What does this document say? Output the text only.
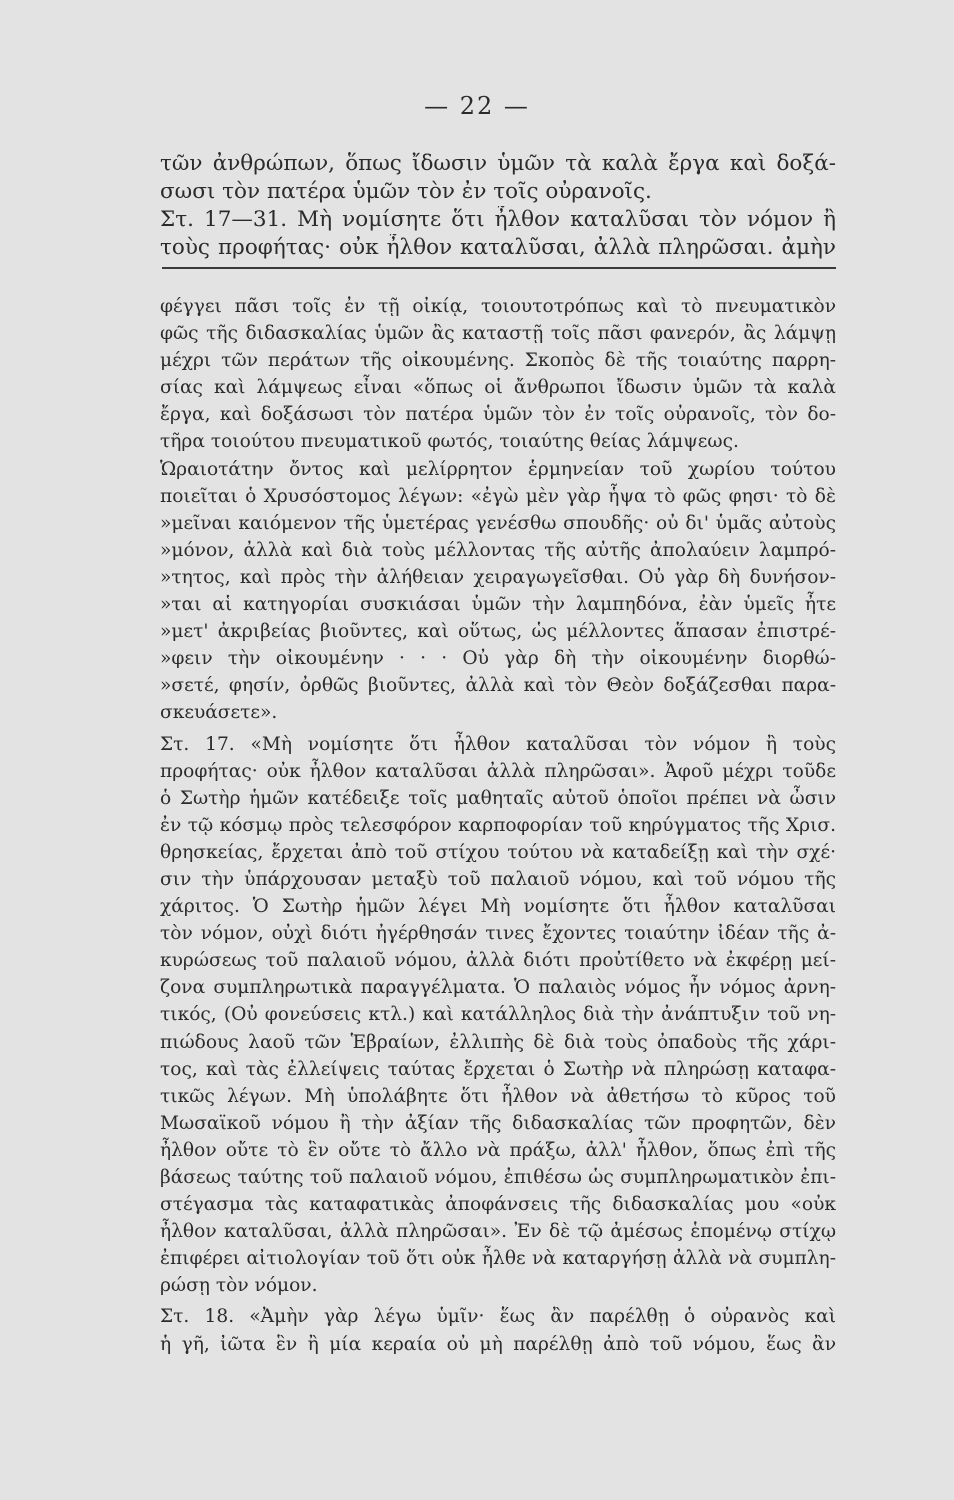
— 22 —
τῶν ἀνθρώπων, ὅπως ἴδωσιν ὑμῶν τὰ καλὰ ἔργα καὶ δοξά-
σωσι τὸν πατέρα ὑμῶν τὸν ἐν τοῖς οὐρανοῖς.
Στ. 17—31. Μὴ νομίσητε ὅτι ἦλθον καταλῦσαι τὸν νόμον ἢ
τοὺς προφήτας· οὐκ ἦλθον καταλῦσαι, ἀλλὰ πληρῶσαι. ἀμὴν
φέγγει πᾶσι τοῖς ἐν τῇ οἰκίᾳ, τοιουτοτρόπως καὶ τὸ πνευματικὸν
φῶς τῆς διδασκαλίας ὑμῶν ἂς καταστῇ τοῖς πᾶσι φανερόν, ἂς λάμψῃ
μέχρι τῶν περάτων τῆς οἰκουμένης. Σκοπὸς δὲ τῆς τοιαύτης παρρη-
σίας καὶ λάμψεως εἶναι «ὅπως οἱ ἄνθρωποι ἴδωσιν ὑμῶν τὰ καλὰ
ἔργα, καὶ δοξάσωσι τὸν πατέρα ὑμῶν τὸν ἐν τοῖς οὐρανοῖς, τὸν δο-
τῆρα τοιούτου πνευματικοῦ φωτός, τοιαύτης θείας λάμψεως.
Ὡραιοτάτην ὄντος καὶ μελίρρητον ἑρμηνείαν τοῦ χωρίου τούτου
ποιεῖται ὁ Χρυσόστομος λέγων: «ἐγὼ μὲν γὰρ ἧψα τὸ φῶς φησι· τὸ δὲ
»μεῖναι καιόμενον τῆς ὑμετέρας γενέσθω σπουδῆς· οὐ δι' ὑμᾶς αὐτοὺς
»μόνον, ἀλλὰ καὶ διὰ τοὺς μέλλοντας τῆς αὐτῆς ἀπολαύειν λαμπρό-
»τητος, καὶ πρὸς τὴν ἀλήθειαν χειραγωγεῖσθαι. Οὐ γὰρ δὴ δυνήσον-
»ται αἱ κατηγορίαι συσκιάσαι ὑμῶν τὴν λαμπηδόνα, ἐὰν ὑμεῖς ἦτε
»μετ' ἀκριβείας βιοῦντες, καὶ οὕτως, ὡς μέλλοντες ἅπασαν ἐπιστρέ-
»φειν τὴν οἰκουμένην · · · Οὐ γὰρ δὴ τὴν οἰκουμένην διορθώ-
»σετέ, φησίν, ὀρθῶς βιοῦντες, ἀλλὰ καὶ τὸν Θεὸν δοξάζεσθαι παρα-
σκευάσετε».
Στ. 17. «Μὴ νομίσητε ὅτι ἦλθον καταλῦσαι τὸν νόμον ἢ τοὺς
προφήτας· οὐκ ἦλθον καταλῦσαι ἀλλὰ πληρῶσαι». Ἀφοῦ μέχρι τοῦδε
ὁ Σωτὴρ ἡμῶν κατέδειξε τοῖς μαθηταῖς αὐτοῦ ὁποῖοι πρέπει νὰ ὦσιν
ἐν τῷ κόσμῳ πρὸς τελεσφόρον καρποφορίαν τοῦ κηρύγματος τῆς Χρισ.
θρησκείας, ἔρχεται ἀπὸ τοῦ στίχου τούτου νὰ καταδείξῃ καὶ τὴν σχέ·
σιν τὴν ὑπάρχουσαν μεταξὺ τοῦ παλαιοῦ νόμου, καὶ τοῦ νόμου τῆς
χάριτος. Ὁ Σωτὴρ ἡμῶν λέγει Μὴ νομίσητε ὅτι ἦλθον καταλῦσαι
τὸν νόμον, οὐχὶ διότι ἠγέρθησάν τινες ἔχοντες τοιαύτην ἰδέαν τῆς ἀ-
κυρώσεως τοῦ παλαιοῦ νόμου, ἀλλὰ διότι προὐτίθετο νὰ ἐκφέρῃ μεί-
ζονα συμπληρωτικὰ παραγγέλματα. Ὁ παλαιὸς νόμος ἦν νόμος ἀρνη-
τικός, (Οὐ φονεύσεις κτλ.) καὶ κατάλληλος διὰ τὴν ἀνάπτυξιν τοῦ νη-
πιώδους λαοῦ τῶν Ἑβραίων, ἐλλιπὴς δὲ διὰ τοὺς ὀπαδοὺς τῆς χάρι-
τος, καὶ τὰς ἐλλείψεις ταύτας ἔρχεται ὁ Σωτὴρ νὰ πληρώσῃ καταφα-
τικῶς λέγων. Μὴ ὑπολάβητε ὅτι ἦλθον νὰ ἀθετήσω τὸ κῦρος τοῦ
Μωσαϊκοῦ νόμου ἢ τὴν ἀξίαν τῆς διδασκαλίας τῶν προφητῶν, δὲν
ἦλθον οὔτε τὸ ἓν οὔτε τὸ ἄλλο νὰ πράξω, ἀλλ' ἦλθον, ὅπως ἐπὶ τῆς
βάσεως ταύτης τοῦ παλαιοῦ νόμου, ἐπιθέσω ὡς συμπληρωματικὸν ἐπι-
στέγασμα τὰς καταφατικὰς ἀποφάνσεις τῆς διδασκαλίας μου «οὐκ
ἦλθον καταλῦσαι, ἀλλὰ πληρῶσαι». Ἐν δὲ τῷ ἀμέσως ἑπομένῳ στίχῳ
ἐπιφέρει αἰτιολογίαν τοῦ ὅτι οὐκ ἦλθε νὰ καταργήσῃ ἀλλὰ νὰ συμπλη-
ρώσῃ τὸν νόμον.
Στ. 18. «Ἀμὴν γὰρ λέγω ὑμῖν· ἕως ἂν παρέλθῃ ὁ οὐρανὸς καὶ
ἡ γῆ, ἰῶτα ἓν ἢ μία κεραία οὐ μὴ παρέλθῃ ἀπὸ τοῦ νόμου, ἕως ἂν
